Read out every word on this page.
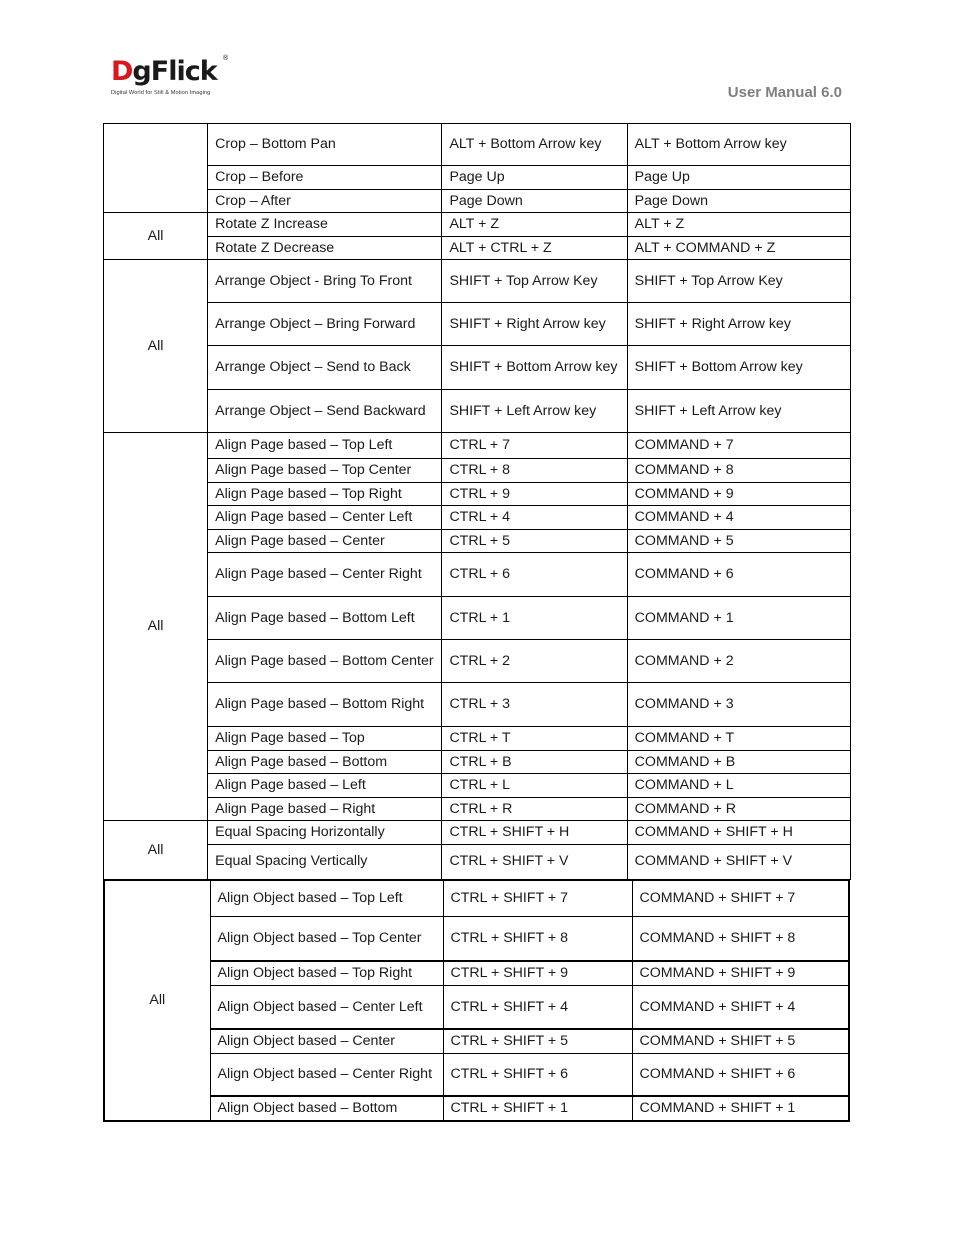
DgFlick ®
Digital World for Still & Motion Imaging	User Manual 6.0
	Crop – Bottom Pan	ALT + Bottom Arrow key	ALT + Bottom Arrow key
	Crop – Before	Page Up	Page Up
	Crop – After	Page Down	Page Down
All	Rotate Z Increase	ALT + Z	ALT + Z
	Rotate Z Decrease	ALT + CTRL + Z	ALT + COMMAND + Z
All	Arrange Object - Bring To Front	SHIFT + Top Arrow Key	SHIFT + Top Arrow Key
	Arrange Object – Bring Forward	SHIFT + Right Arrow key	SHIFT + Right Arrow key
	Arrange Object – Send to Back	SHIFT + Bottom Arrow key	SHIFT + Bottom Arrow key
	Arrange Object – Send Backward	SHIFT + Left Arrow key	SHIFT + Left Arrow key
All	Align Page based – Top Left	CTRL + 7	COMMAND + 7
	Align Page based – Top Center	CTRL + 8	COMMAND + 8
	Align Page based – Top Right	CTRL + 9	COMMAND + 9
	Align Page based – Center Left	CTRL + 4	COMMAND + 4
	Align Page based – Center	CTRL + 5	COMMAND + 5
	Align Page based – Center Right	CTRL + 6	COMMAND + 6
	Align Page based – Bottom Left	CTRL + 1	COMMAND + 1
	Align Page based – Bottom Center	CTRL + 2	COMMAND + 2
	Align Page based – Bottom Right	CTRL + 3	COMMAND + 3
	Align Page based – Top	CTRL + T	COMMAND + T
	Align Page based – Bottom	CTRL + B	COMMAND + B
	Align Page based – Left	CTRL + L	COMMAND + L
	Align Page based – Right	CTRL + R	COMMAND + R
All	Equal Spacing Horizontally	CTRL + SHIFT + H	COMMAND + SHIFT + H
	Equal Spacing Vertically	CTRL + SHIFT + V	COMMAND + SHIFT + V
All	Align Object based – Top Left	CTRL + SHIFT + 7	COMMAND + SHIFT + 7
	Align Object based – Top Center	CTRL + SHIFT + 8	COMMAND + SHIFT + 8
	Align Object based – Top Right	CTRL + SHIFT + 9	COMMAND + SHIFT + 9
	Align Object based – Center Left	CTRL + SHIFT + 4	COMMAND + SHIFT + 4
	Align Object based – Center	CTRL + SHIFT + 5	COMMAND + SHIFT + 5
	Align Object based – Center Right	CTRL + SHIFT + 6	COMMAND + SHIFT + 6
	Align Object based – Bottom	CTRL + SHIFT + 1	COMMAND + SHIFT + 1
